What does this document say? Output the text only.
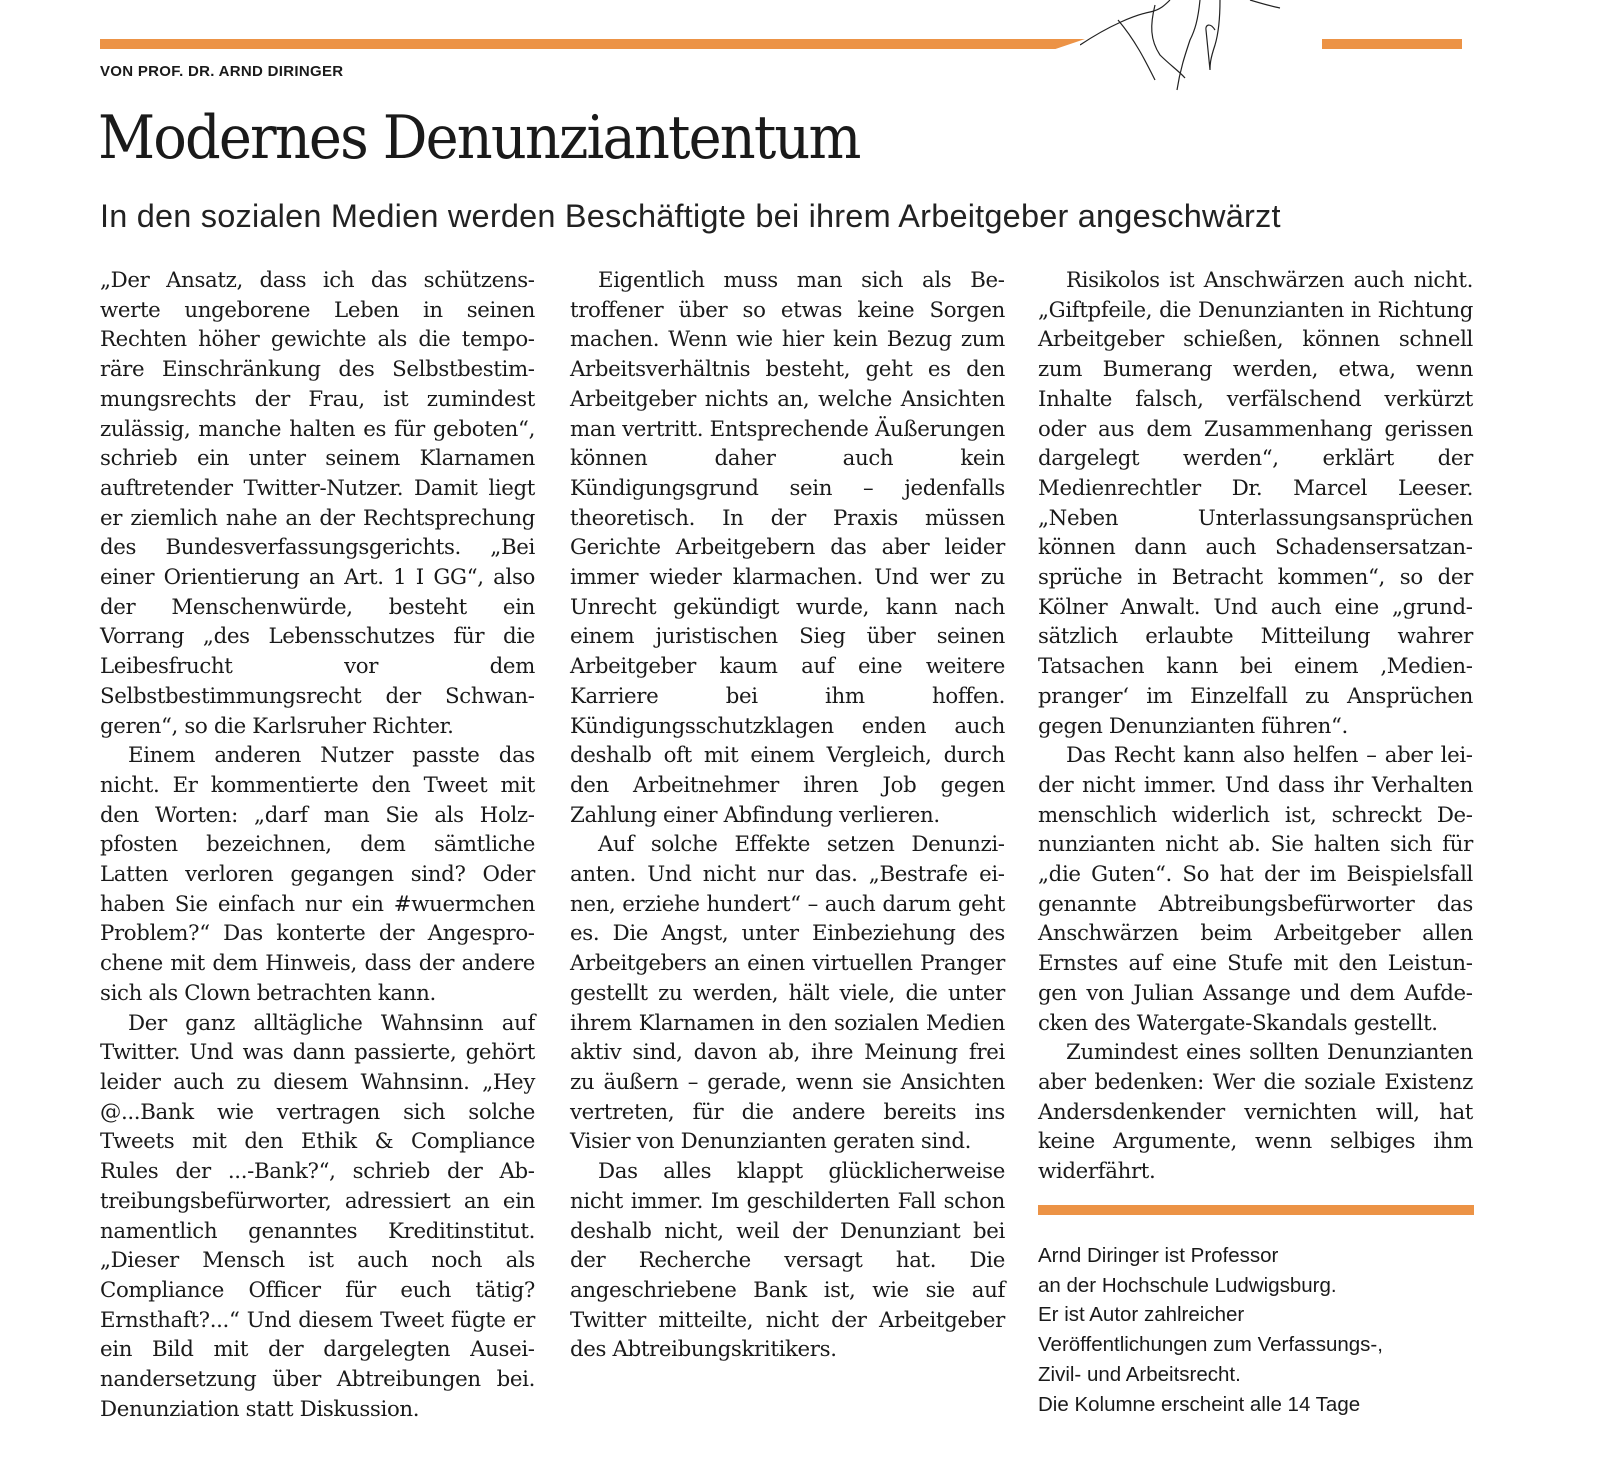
VON PROF. DR. ARND DIRINGER
Modernes Denunziantentum
In den sozialen Medien werden Beschäftigte bei ihrem Arbeitgeber angeschwärzt

„Der Ansatz, dass ich das schützenswerte ungeborene Leben in seinen Rechten höher gewichte als die temporäre Einschränkung des Selbstbestimmungsrechts der Frau, ist zumindest zulässig, manche halten es für geboten“, schrieb ein unter seinem Klarnamen auftretender Twitter-Nutzer. Damit liegt er ziemlich nahe an der Rechtsprechung des Bundesverfassungsgerichts. „Bei einer Orientierung an Art. 1 I GG“, also der Menschenwürde, besteht ein Vorrang „des Lebensschutzes für die Leibesfrucht vor dem Selbstbestimmungsrecht der Schwangeren“, so die Karlsruher Richter.

Einem anderen Nutzer passte das nicht. Er kommentierte den Tweet mit den Worten: „darf man Sie als Holzpfosten bezeichnen, dem sämtliche Latten verloren gegangen sind? Oder haben Sie einfach nur ein #wuermchen Problem?“ Das konterte der Angesprochene mit dem Hinweis, dass der andere sich als Clown betrachten kann.

Der ganz alltägliche Wahnsinn auf Twitter. Und was dann passierte, gehört leider auch zu diesem Wahnsinn. „Hey @...Bank wie vertragen sich solche Tweets mit den Ethik & Compliance Rules der ...-Bank?“, schrieb der Abtreibungsbefürworter, adressiert an ein namentlich genanntes Kreditinstitut. „Dieser Mensch ist auch noch als Compliance Officer für euch tätig? Ernsthaft?...“ Und diesem Tweet fügte er ein Bild mit der dargelegten Auseinandersetzung über Abtreibungen bei. Denunziation statt Diskussion.

Eigentlich muss man sich als Betroffener über so etwas keine Sorgen machen. Wenn wie hier kein Bezug zum Arbeitsverhältnis besteht, geht es den Arbeitgeber nichts an, welche Ansichten man vertritt. Entsprechende Äußerungen können daher auch kein Kündigungsgrund sein – jedenfalls theoretisch. In der Praxis müssen Gerichte Arbeitgebern das aber leider immer wieder klarmachen. Und wer zu Unrecht gekündigt wurde, kann nach einem juristischen Sieg über seinen Arbeitgeber kaum auf eine weitere Karriere bei ihm hoffen. Kündigungsschutzklagen enden auch deshalb oft mit einem Vergleich, durch den Arbeitnehmer ihren Job gegen Zahlung einer Abfindung verlieren.

Auf solche Effekte setzen Denunzianten. Und nicht nur das. „Bestrafe einen, erziehe hundert“ – auch darum geht es. Die Angst, unter Einbeziehung des Arbeitgebers an einen virtuellen Pranger gestellt zu werden, hält viele, die unter ihrem Klarnamen in den sozialen Medien aktiv sind, davon ab, ihre Meinung frei zu äußern – gerade, wenn sie Ansichten vertreten, für die andere bereits ins Visier von Denunzianten geraten sind.

Das alles klappt glücklicherweise nicht immer. Im geschilderten Fall schon deshalb nicht, weil der Denunziant bei der Recherche versagt hat. Die angeschriebene Bank ist, wie sie auf Twitter mitteilte, nicht der Arbeitgeber des Abtreibungskritikers.

Risikolos ist Anschwärzen auch nicht. „Giftpfeile, die Denunzianten in Richtung Arbeitgeber schießen, können schnell zum Bumerang werden, etwa, wenn Inhalte falsch, verfälschend verkürzt oder aus dem Zusammenhang gerissen dargelegt werden“, erklärt der Medienrechtler Dr. Marcel Leeser. „Neben Unterlassungsansprüchen können dann auch Schadensersatzansprüche in Betracht kommen“, so der Kölner Anwalt. Und auch eine „grundsätzlich erlaubte Mitteilung wahrer Tatsachen kann bei einem ‚Medienpranger‘ im Einzelfall zu Ansprüchen gegen Denunzianten führen“.

Das Recht kann also helfen – aber leider nicht immer. Und dass ihr Verhalten menschlich widerlich ist, schreckt Denunzianten nicht ab. Sie halten sich für „die Guten“. So hat der im Beispielsfall genannte Abtreibungsbefürworter das Anschwärzen beim Arbeitgeber allen Ernstes auf eine Stufe mit den Leistungen von Julian Assange und dem Aufdecken des Watergate-Skandals gestellt.

Zumindest eines sollten Denunzianten aber bedenken: Wer die soziale Existenz Andersdenkender vernichten will, hat keine Argumente, wenn selbiges ihm widerfährt.

Arnd Diringer ist Professor
an der Hochschule Ludwigsburg.
Er ist Autor zahlreicher
Veröffentlichungen zum Verfassungs-,
Zivil- und Arbeitsrecht.
Die Kolumne erscheint alle 14 Tage
